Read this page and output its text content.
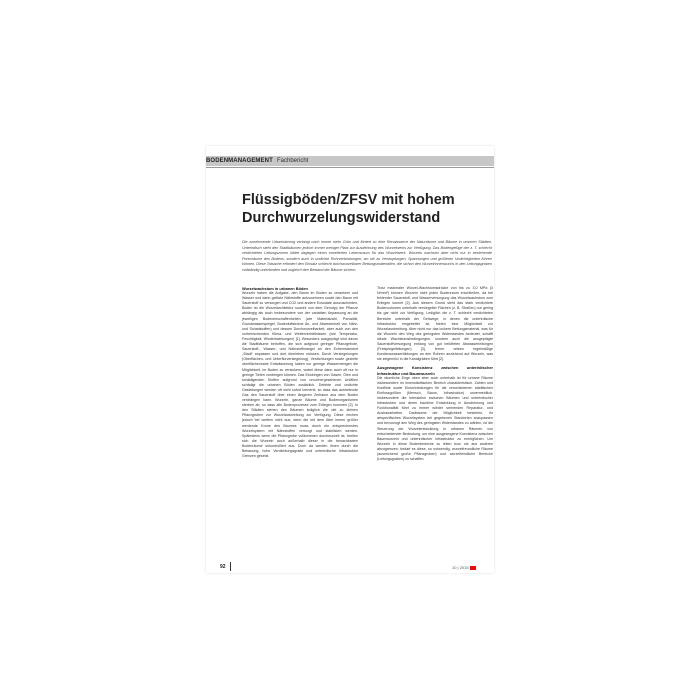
BODENMANAGEMENT Fachbericht
Flüssigböden/ZFSV mit hohem Durchwurzelungswiderstand
Die zunehmende Urbanisierung verlangt nach immer mehr Grün und fördert so eine Renaissance der Naturräume und Bäume in unseren Städten. Unterirdisch steht den Stadtbäumen jedoch immer weniger Platz zur Ausdehnung des Wurzelwerks zur Verfügung. Das Bodengefüge der z. T. schlecht verdichteten Leitungszonen bildet dagegen einen erweiterten Lebensraum für das Wurzelwerk. Wurzeln wachsen aber nicht nur in bestehende Porenräume des Bodens, sondern auch in undichte Rohrverbindungen, wo sie zu Verstopfungen, Spannungen und größeren Undichtigkeiten führen können. Diese Tatsache erfordert den Einsatz schlecht durchwurzelbarer Bettungsmaterialien, die sichon den Wurzelrinnenwuchs in den Leitungsgraben vollständig unterbinden und zugleich den Bestand der Bäume sichern.

Wurzelwachstum in urbanen Böden

Wurzeln haben die Aufgabe, den Baum im Boden zu verankern und Wasser und darin gelöste Nährstoffe aufzunehmen sowie den Baum mit Sauerstoff zu versorgen und CO2 und andere Exsudate auszuscheiden. Boden ist die Wurzelarchitektur sowohl von dem Genotyp der Pflanze abhängig als auch insbesondere von der variablen Anpassung an die jeweiligen Bodenbeschaffenheiten (wie Materialzahl, Porosität, Grundwasserspiegel, Bodenluftströme An- und Abwesenheit von Nähr- und Schadstoffen) und dessen Durchwurzelbarkeit, aber auch von den vorherrschenden Klima- und Wetterverhältnissen (wie Temperatur, Feuchtigkeit, Windeinwirkungen) [1]. Besonders ausgeprägt sind davon die Stadtbäume betroffen, die sich aufgrund geringer Pflanzgebote, Sauerstoff-, Wasser- und Nährstoffmangel an den Extremstandort „Stadt“ anpassen und dort überleben müssen. Durch Versiegelungen (Oberflächen- und Unterflurversiegelung), Verdichtungen sowie gezielte oberflächennahe Entwässerung haben nur geringe Wassermengen die Möglichkeit, im Boden zu versickern, wobei diese dann auch oft nur in geringe Tiefen vordringen können. Das Eindringen von Gasen, Ölen und schädigenden Stoffen aufgrund von unvorhergesehenen Unfällen schädigt die urbanen Böden zusätzlich. Defekte und undichte Gasleitungen werden oft nicht sofort bemerkt, so dass das austretende Gas den Sauerstoff über einen längeren Zeitraum aus dem Boden verdrängen kann. Wurzeln, ganze Bäume und Bodenorganismen sterben ab, so dass alle Bodenprozesse zum Erliegen kommen [2]. In den Städten stehen den Bäumen lediglich die viel zu kleinen Pflanzgruben zur Wurzelausbreitung zur Verfügung. Diese reichen jedoch bei weitem nicht aus, denn die mit dem Alter immer größer werdende Krone des Baumes muss durch ein entsprechendes Wurzelsystem mit Nährstoffen versorgt und stabilisiert werden. Spätestens wenn die Pflanzgrube vollkommen durchwurzelt ist, breiten sich die Wurzeln auch außerhalb dieser in die benachbarten Bodenräume unkontrolliert aus. Doch da werden ihnen durch die Bebauung, hohe Verdichtungsgrade und unterirdische Infrastruktur Grenzen gesetzt.

Trotz maximaler Wurzel-Wachstumsdrücke von bis zu 3,0 MPa (3 N/mm²) können Wurzeln nicht jeden Bodenraum erschließen, da bei fehlender Sauerstoff- und Wasserversorgung das Wurzelwachstum zum Erliegen kommt [2]. Aus diesem Grund steht das stark verdichtete Bodenvolumen unterhalb versiegelter Flächen (z. B. Straßen) nur gering bis gar nicht zur Verfügung. Lediglich die z. T. schlecht verdichteten Bereiche unterhalb der Gehwege, in denen die unterirdische Infrastruktur eingebettet ist, bieten eine Möglichkeit zur Wurzelausbreitung. Aber nicht nur das lockere Bettungsmaterial, was für die Wurzeln den Weg des geringsten Widerstandes bedeutet, schafft ideale Wachstumsbedingungen, sondern auch die ausgeprägte Sauerstoffversorgung entlang von gut belüfteten Abwasserleitungen (Freispiegelleitungen) [3], ferner wirken regelmäßige Kondenswasserbildungen an den Rohren anziehend auf Wurzeln, was sie zeigen/ricl in die Kanalgräben führt [2].

Ausgewogene Konsistenz zwischen unterirdischer Infrastruktur und Baumwurzeln

Die räumliche Enge oben aber auch unterhalb ist für urbane Räume insbesondere im innenstädtischen Bereich charakteristisch. Zahlen und Konflikte sowie Einschränkungen für die verschiedenen städtischen Einflussgrößen (Mensch, Baum, Infrastruktur) unvermeidlich. Insbesondere die Interaktion zwischen Bäumen und unterirdischer Infrastruktur und deren bauliche Entwicklung in Ausdehnung und Funktionalität führt zu immer wieder sehrenden Reparatur- und Ausbauarbeiten. Dadbaume der Möglichkeit bestehen, ihr artspezifisches Wurzelsystem bei gegebenen Standorten anzupassen und bevorzugt den Weg des geringsten Widerstandes zu wählen, ist die Steuerung der Wurzelentwicklung in urbanen Räumen von entscheidender Bedeutung, um eine ausgewogene Koexistenz zwischen Baumwurzeln und unterirdischer Infrastruktur zu ermöglichen. Um Wurzeln in diese Bodenbereiche zu leiten bzw. sie aus anderen abzugrenzen, bedarf es diese, so notwendig, wurzelfreundliche Räume (ausreichend große Pflanzgruben) und wurzelfeindliche Bereiche (Leitungsgraben) zu schaffen.

92	10 | 2015
